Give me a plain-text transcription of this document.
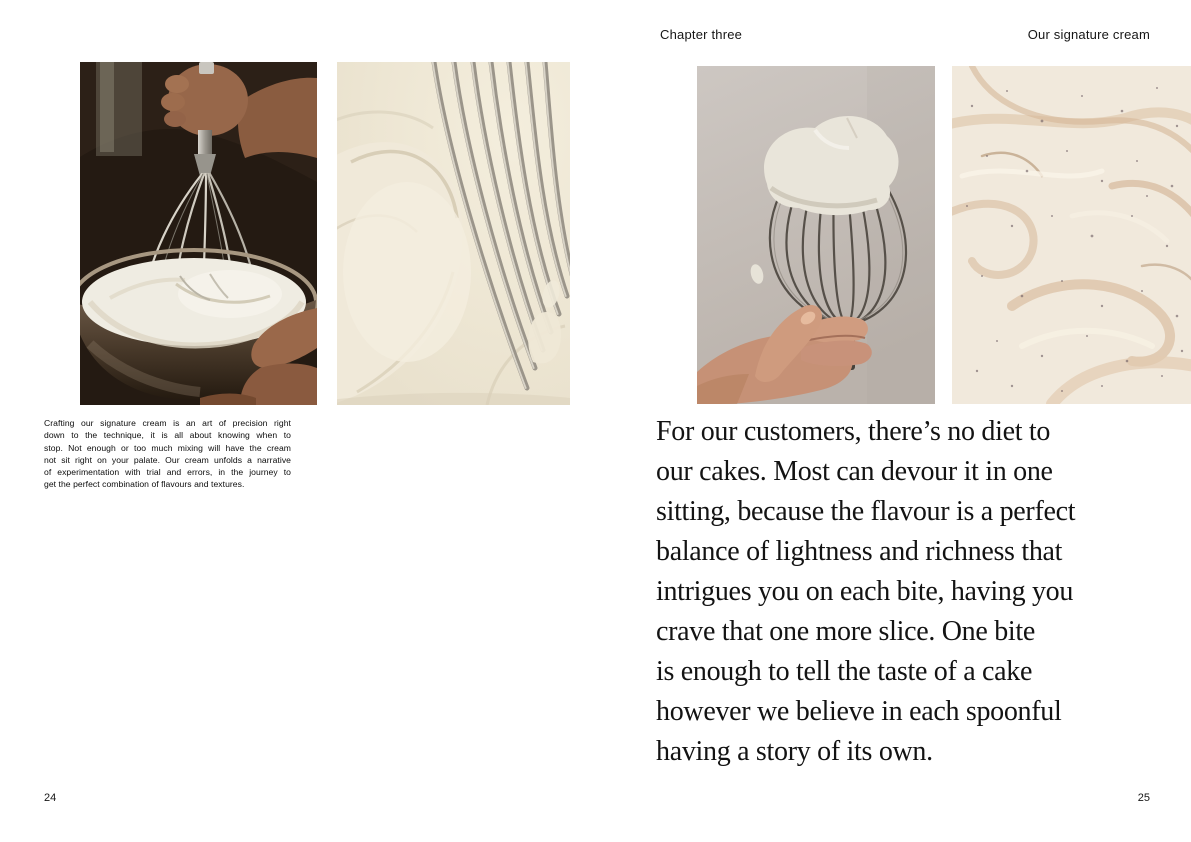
Crafting our signature cream is an art of precision right
down to the technique, it is all about knowing when to
stop. Not enough or too much mixing will have the cream
not sit right on your palate. Our cream unfolds a narrative
of experimentation with trial and errors, in the journey to
get the perfect combination of flavours and textures.
24
Chapter three	Our signature cream
For our customers, there’s no diet to
our cakes. Most can devour it in one
sitting, because the flavour is a perfect
balance of lightness and richness that
intrigues you on each bite, having you
crave that one more slice. One bite
is enough to tell the taste of a cake
however we believe in each spoonful
having a story of its own.
25
